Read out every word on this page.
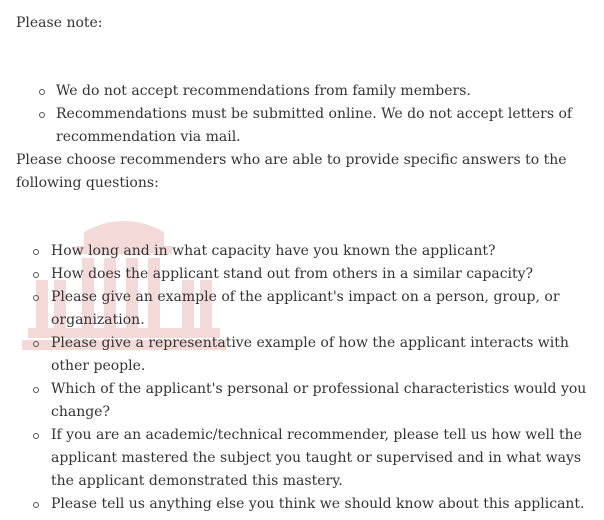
Please note:

We do not accept recommendations from family members.
Recommendations must be submitted online. We do not accept letters of recommendation via mail.

Please choose recommenders who are able to provide specific answers to the following questions:

How long and in what capacity have you known the applicant?
How does the applicant stand out from others in a similar capacity?
Please give an example of the applicant's impact on a person, group, or organization.
Please give a representative example of how the applicant interacts with other people.
Which of the applicant's personal or professional characteristics would you change?
If you are an academic/technical recommender, please tell us how well the applicant mastered the subject you taught or supervised and in what ways the applicant demonstrated this mastery.
Please tell us anything else you think we should know about this applicant.
